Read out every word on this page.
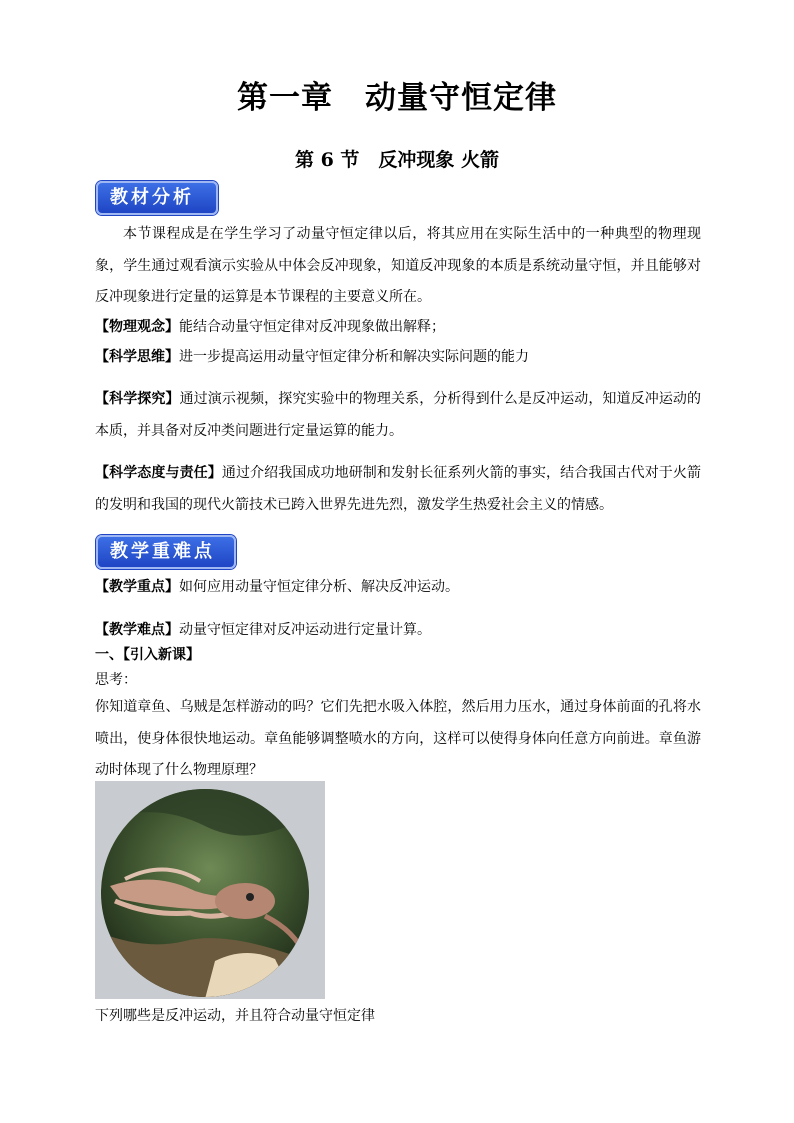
第一章　动量守恒定律
第 6 节　反冲现象 火箭
教材分析
本节课程成是在学生学习了动量守恒定律以后，将其应用在实际生活中的一种典型的物理现象，学生通过观看演示实验从中体会反冲现象，知道反冲现象的本质是系统动量守恒，并且能够对反冲现象进行定量的运算是本节课程的主要意义所在。
【物理观念】能结合动量守恒定律对反冲现象做出解释；
【科学思维】进一步提高运用动量守恒定律分析和解决实际问题的能力
【科学探究】通过演示视频，探究实验中的物理关系，分析得到什么是反冲运动，知道反冲运动的本质，并具备对反冲类问题进行定量运算的能力。
【科学态度与责任】通过介绍我国成功地研制和发射长征系列火箭的事实，结合我国古代对于火箭的发明和我国的现代火箭技术已跨入世界先进先烈，激发学生热爱社会主义的情感。
教学重难点
【教学重点】如何应用动量守恒定律分析、解决反冲运动。
【教学难点】动量守恒定律对反冲运动进行定量计算。
一、【引入新课】
思考：
你知道章鱼、乌贼是怎样游动的吗？它们先把水吸入体腔，然后用力压水，通过身体前面的孔将水喷出，使身体很快地运动。章鱼能够调整喷水的方向，这样可以使得身体向任意方向前进。章鱼游动时体现了什么物理原理？
下列哪些是反冲运动，并且符合动量守恒定律
